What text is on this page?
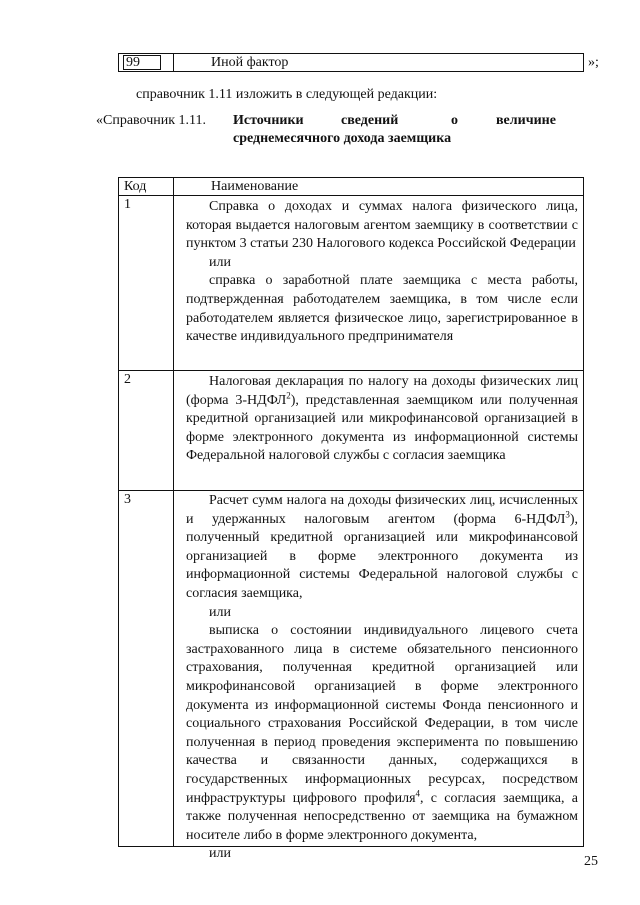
99	Иной фактор	»;
справочник 1.11 изложить в следующей редакции:
«Справочник 1.11. Источники	сведений	о	величине
среднемесячного дохода заемщика
Код	Наименование
1	Справка о доходах и суммах налога физического лица, которая выдается налоговым агентом заемщику в соответствии с пунктом 3 статьи 230 Налогового кодекса Российской Федерации

или

справка о заработной плате заемщика с места работы, подтвержденная работодателем заемщика, в том числе если работодателем является физическое лицо, зарегистрированное в качестве индивидуального предпринимателя

2	Налоговая декларация по налогу на доходы физических лиц (форма 3-НДФЛ$^2$), представленная заемщиком или полученная кредитной организацией или микрофинансовой организацией в форме электронного документа из информационной системы Федеральной налоговой службы с согласия заемщика

3	Расчет сумм налога на доходы физических лиц, исчисленных и удержанных налоговым агентом (форма 6-НДФЛ$^3$), полученный кредитной организацией или микрофинансовой организацией в форме электронного документа из информационной системы Федеральной налоговой службы с согласия заемщика,

или

выписка о состоянии индивидуального лицевого счета застрахованного лица в системе обязательного пенсионного страхования, полученная кредитной организацией или микрофинансовой организацией в форме электронного документа из информационной системы Фонда пенсионного и социального страхования Российской Федерации, в том числе полученная в период проведения эксперимента по повышению качества и связанности данных, содержащихся в государственных информационных ресурсах, посредством инфраструктуры цифрового профиля$^4$, с согласия заемщика, а также полученная непосредственно от заемщика на бумажном носителе либо в форме электронного документа,

или

25
